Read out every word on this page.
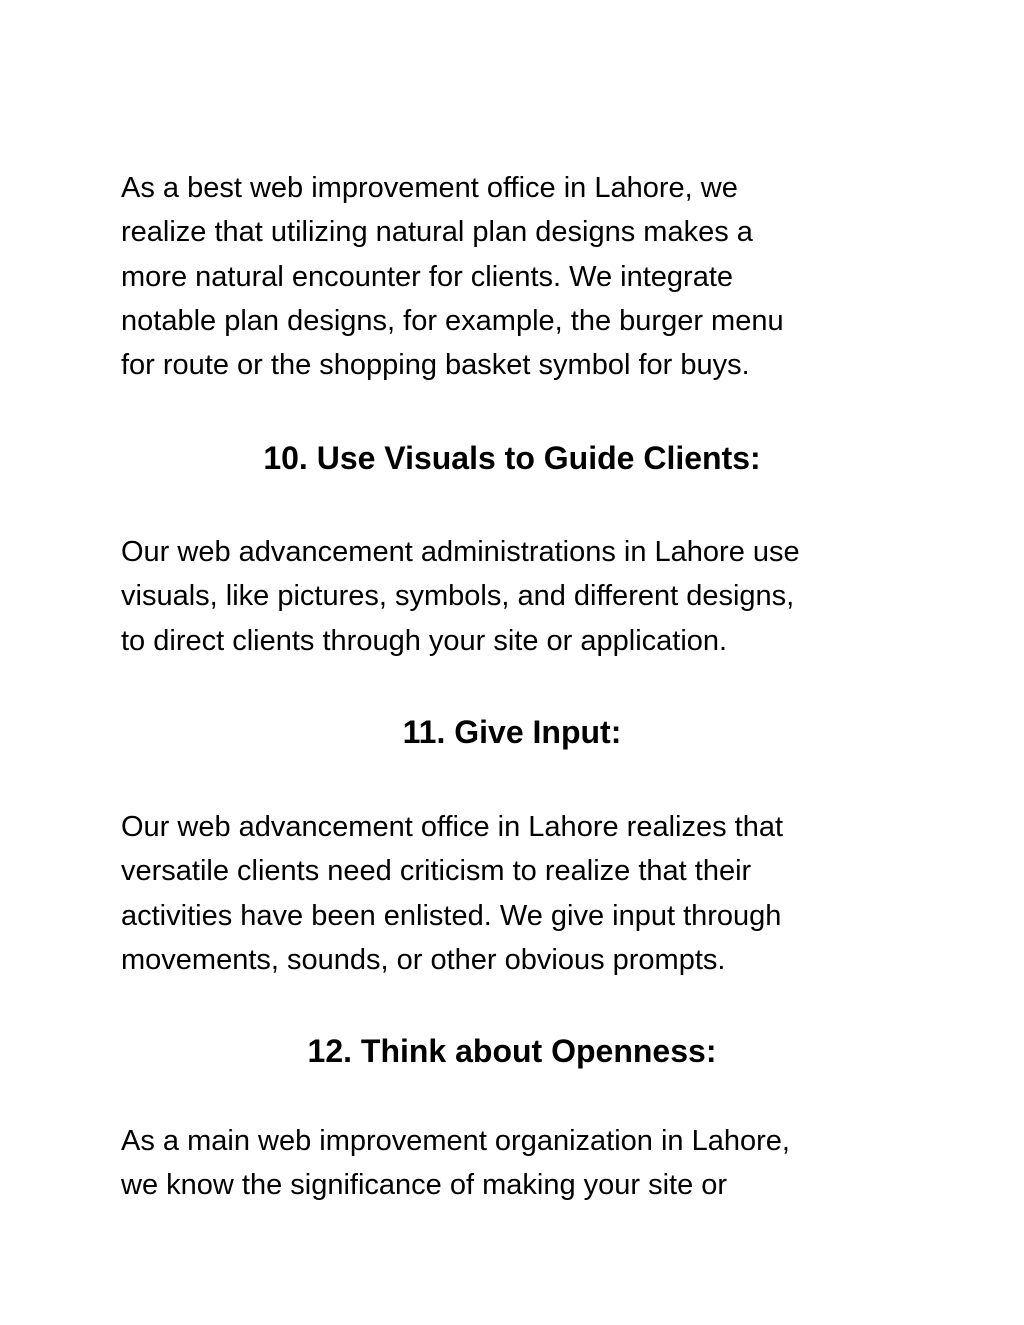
As a best web improvement office in Lahore, we
realize that utilizing natural plan designs makes a
more natural encounter for clients. We integrate
notable plan designs, for example, the burger menu
for route or the shopping basket symbol for buys.

10. Use Visuals to Guide Clients:

Our web advancement administrations in Lahore use
visuals, like pictures, symbols, and different designs,
to direct clients through your site or application.

11. Give Input:

Our web advancement office in Lahore realizes that
versatile clients need criticism to realize that their
activities have been enlisted. We give input through
movements, sounds, or other obvious prompts.

12. Think about Openness:

As a main web improvement organization in Lahore,
we know the significance of making your site or
